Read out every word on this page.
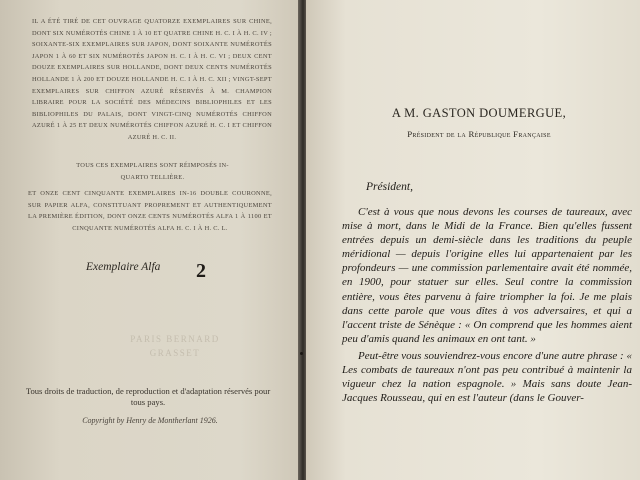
IL A ÉTÉ TIRÉ DE CET OUVRAGE QUATORZE EXEMPLAIRES SUR CHINE, DONT SIX NUMÉROTÉS CHINE 1 À 10 ET QUATRE CHINE H. C. I À H. C. IV ; SOIXANTE-SIX EXEMPLAIRES SUR JAPON, DONT SOIXANTE NUMÉROTÉS JAPON 1 À 60 ET SIX NUMÉROTÉS JAPON H. C. I À H. C. VI ; DEUX CENT DOUZE EXEMPLAIRES SUR HOLLANDE, DONT DEUX CENTS NUMÉROTÉS HOLLANDE 1 À 200 ET DOUZE HOLLANDE H. C. I À H. C. XII ; VINGT-SEPT EXEMPLAIRES SUR CHIFFON AZURÉ RÉSERVÉS À M. CHAMPION LIBRAIRE POUR LA SOCIÉTÉ DES MÉDECINS BIBLIOPHILES ET LES BIBLIOPHILES DU PALAIS, DONT VINGT-CINQ NUMÉROTÉS CHIFFON AZURÉ 1 À 25 ET DEUX NUMÉROTÉS CHIFFON AZURÉ H. C. I ET CHIFFON AZURÉ H. C. II.
TOUS CES EXEMPLAIRES SONT RÉIMPOSÉS IN-QUARTO TELLIÈRE.
ET ONZE CENT CINQUANTE EXEMPLAIRES IN-16 DOUBLE COURONNE, SUR PAPIER ALFA, CONSTITUANT PROPREMENT ET AUTHENTIQUEMENT LA PREMIÈRE ÉDITION, DONT ONZE CENTS NUMÉROTÉS ALFA 1 À 1100 ET CINQUANTE NUMÉROTÉS ALFA H. C. I À H. C. L.
Exemplaire Alfa 2
PARIS BERNARD GRASSET
Tous droits de traduction, de reproduction et d'adaptation réservés pour tous pays.
Copyright by Henry de Montherlant 1926.
A M. GASTON DOUMERGUE,
Président de la République Française
Président,

C'est à vous que nous devons les courses de taureaux, avec mise à mort, dans le Midi de la France. Bien qu'elles fussent entrées depuis un demi-siècle dans les traditions du peuple méridional — depuis l'origine elles lui appartenaient par les profondeurs — une commission parlementaire avait été nommée, en 1900, pour statuer sur elles. Seul contre la commission entière, vous êtes parvenu à faire triompher la foi. Je me plais dans cette parole que vous dîtes à vos adversaires, et qui a l'accent triste de Sénèque : « On comprend que les hommes aient peu d'amis quand les animaux en ont tant. »

Peut-être vous souviendrez-vous encore d'une autre phrase : « Les combats de taureaux n'ont pas peu contribué à maintenir la vigueur chez la nation espagnole. » Mais sans doute Jean-Jacques Rousseau, qui en est l'auteur (dans le Gouver-
